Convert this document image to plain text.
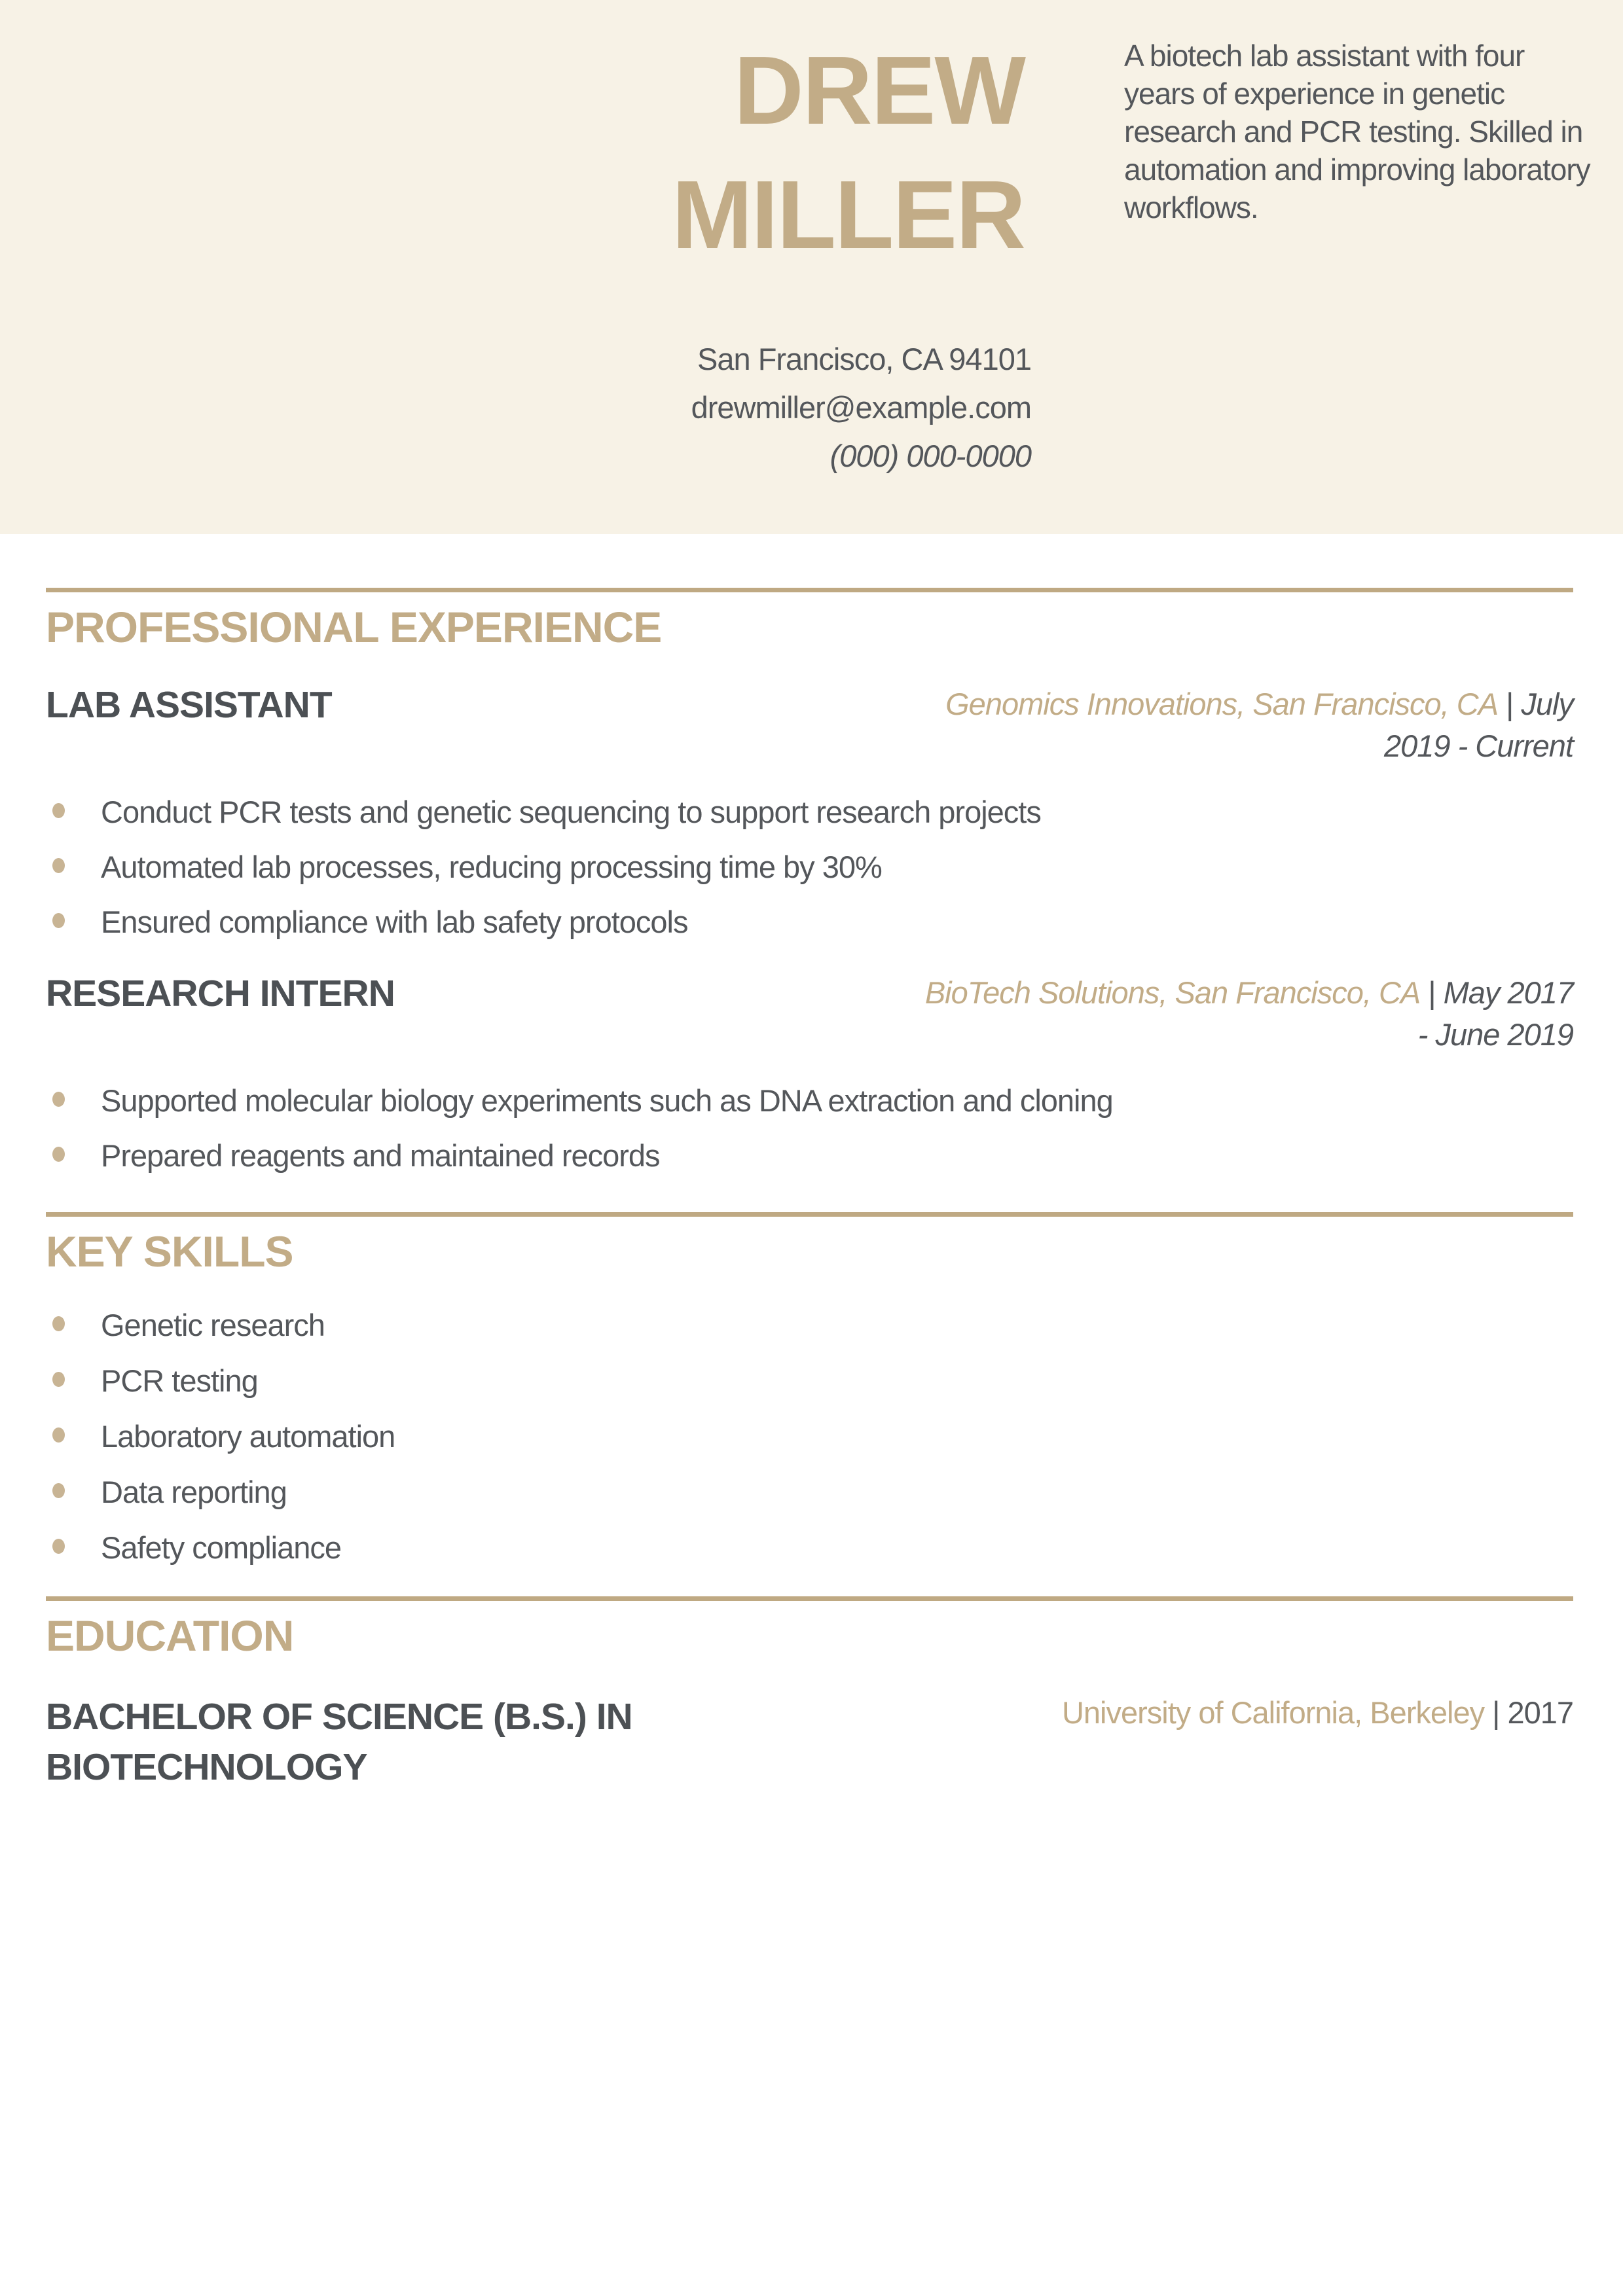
DREW
MILLER
San Francisco, CA 94101
drewmiller@example.com
(000) 000-0000

A biotech lab assistant with four years of experience in genetic research and PCR testing. Skilled in automation and improving laboratory workflows.

PROFESSIONAL EXPERIENCE
LAB ASSISTANT	Genomics Innovations, San Francisco, CA | July 2019 - Current
Conduct PCR tests and genetic sequencing to support research projects
Automated lab processes, reducing processing time by 30%
Ensured compliance with lab safety protocols
RESEARCH INTERN	BioTech Solutions, San Francisco, CA | May 2017 - June 2019
Supported molecular biology experiments such as DNA extraction and cloning
Prepared reagents and maintained records
KEY SKILLS
Genetic research
PCR testing
Laboratory automation
Data reporting
Safety compliance
EDUCATION
BACHELOR OF SCIENCE (B.S.) IN BIOTECHNOLOGY
University of California, Berkeley | 2017
